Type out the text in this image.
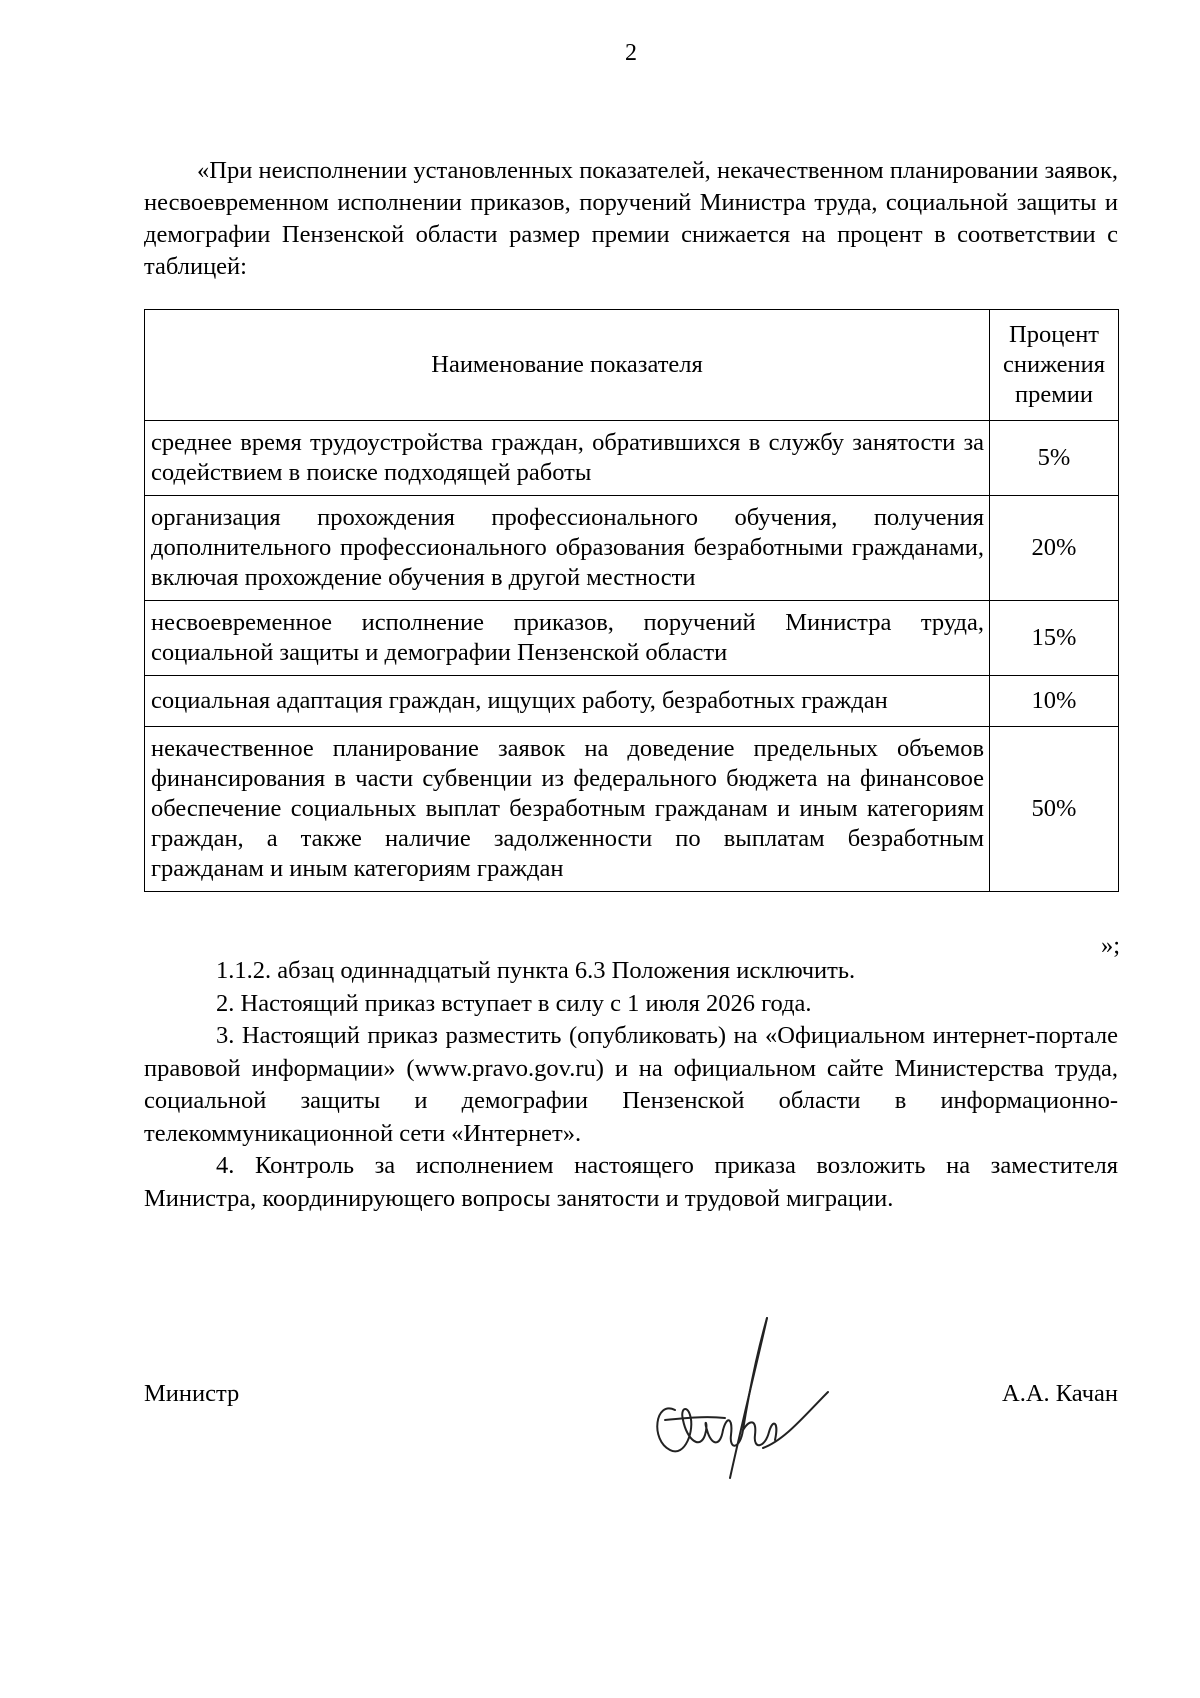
2

«При неисполнении установленных показателей, некачественном планировании заявок, несвоевременном исполнении приказов, поручений Министра труда, социальной защиты и демографии Пензенской области размер премии снижается на процент в соответствии с таблицей:

Наименование показателя	Процент снижения премии
среднее время трудоустройства граждан, обратившихся в службу занятости за содействием в поиске подходящей работы	5%
организация прохождения профессионального обучения, получения дополнительного профессионального образования безработными гражданами, включая прохождение обучения в другой местности	20%
несвоевременное исполнение приказов, поручений Министра труда, социальной защиты и демографии Пензенской области	15%
социальная адаптация граждан, ищущих работу, безработных граждан	10%
некачественное планирование заявок на доведение предельных объемов финансирования в части субвенции из федерального бюджета на финансовое обеспечение социальных выплат безработным гражданам и иным категориям граждан, а также наличие задолженности по выплатам безработным гражданам и иным категориям граждан	50%
»;

1.1.2. абзац одиннадцатый пункта 6.3 Положения исключить.

2. Настоящий приказ вступает в силу с 1 июля 2026 года.

3. Настоящий приказ разместить (опубликовать) на «Официальном интернет-портале правовой информации» (www.pravo.gov.ru) и на официальном сайте Министерства труда, социальной защиты и демографии Пензенской области в информационно-телекоммуникационной сети «Интернет».

4. Контроль за исполнением настоящего приказа возложить на заместителя Министра, координирующего вопросы занятости и трудовой миграции.

Министр	А.А. Качан
